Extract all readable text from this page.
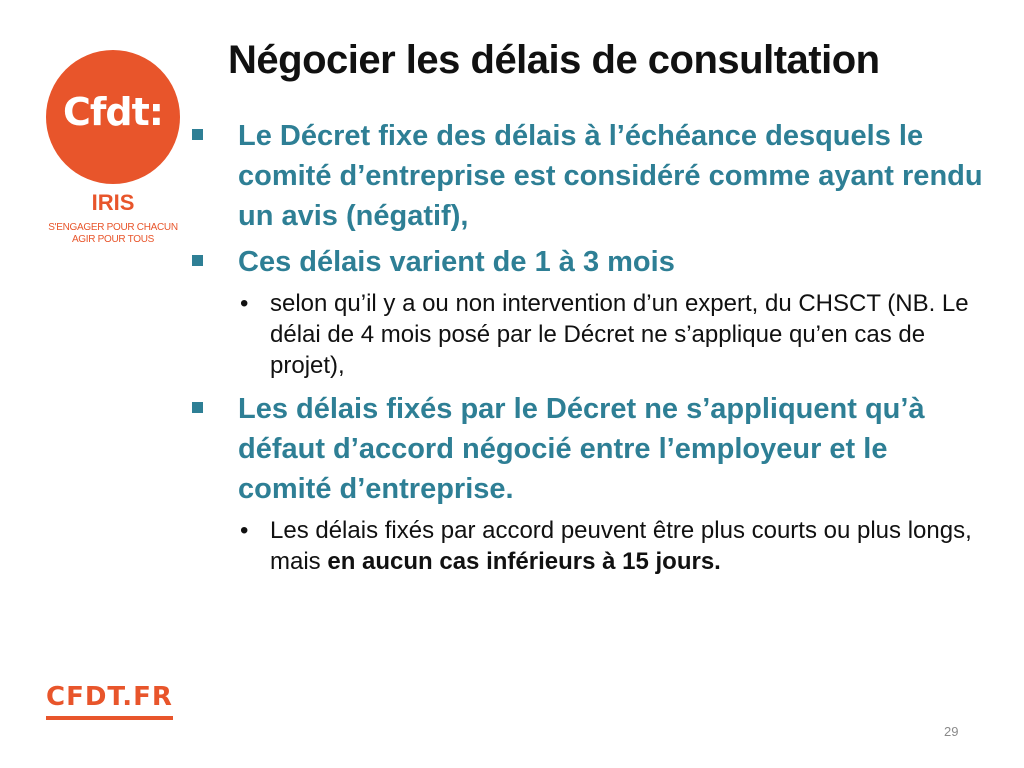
Cfdt:
IRIS
S'ENGAGER POUR CHACUN
AGIR POUR TOUS
Négocier les délais de consultation
Le Décret fixe des délais à l’échéance desquels le comité d’entreprise est considéré comme ayant rendu un avis (négatif),
Ces délais varient de 1 à 3 mois
• selon qu’il y a ou non intervention d’un expert, du CHSCT (NB. Le délai de 4 mois posé par le Décret ne s’applique qu’en cas de projet),
Les délais fixés par le Décret ne s’appliquent qu’à défaut d’accord négocié entre l’employeur et le comité d’entreprise.
• Les délais fixés par accord peuvent être plus courts ou plus longs, mais en aucun cas inférieurs à 15 jours.
CFDT.FR
29
